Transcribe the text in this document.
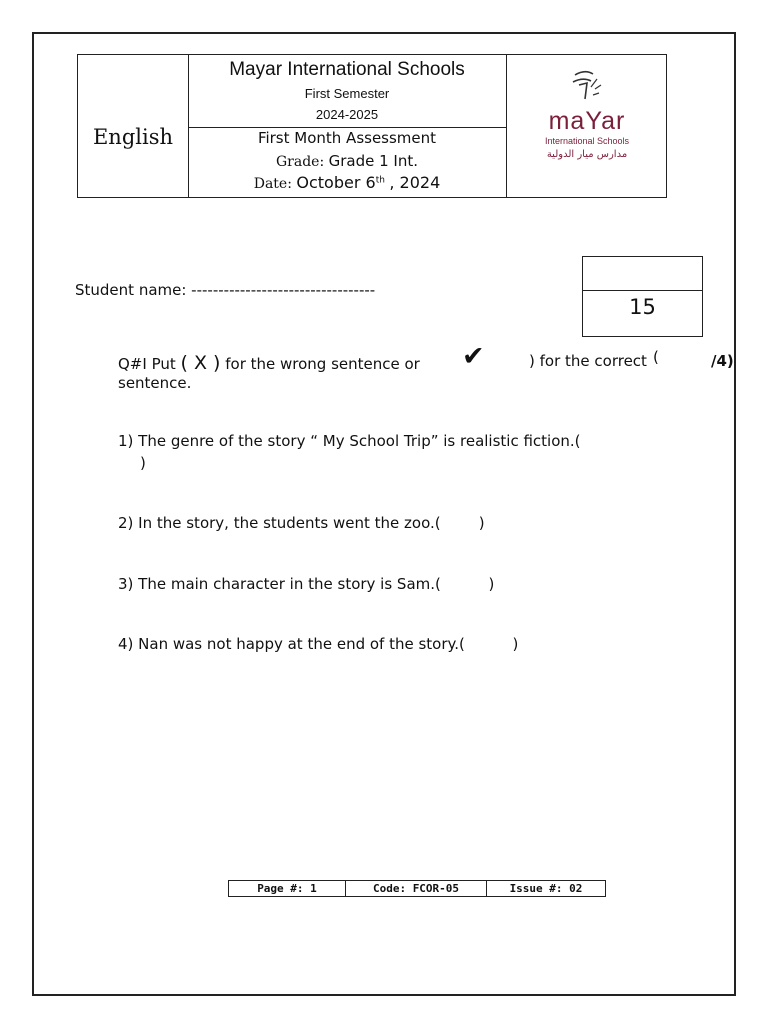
English
Mayar International Schools
First Semester
2024-2025
First Month Assessment
Grade: Grade 1 Int.
Date: October 6th , 2024
maYar
International Schools
مدارس ميار الدولية
Student name: ----------------------------------
15
Q#I Put ( X ) for the wrong sentence or ✔	) for the correct (	/4)
sentence.
1) The genre of the story “ My School Trip” is realistic fiction.(
)
2) In the story, the students went the zoo.(        )
3) The main character in the story is Sam.(          )
4) Nan was not happy at the end of the story.(          )
Page #: 1	Code: FCOR-05	Issue #: 02
